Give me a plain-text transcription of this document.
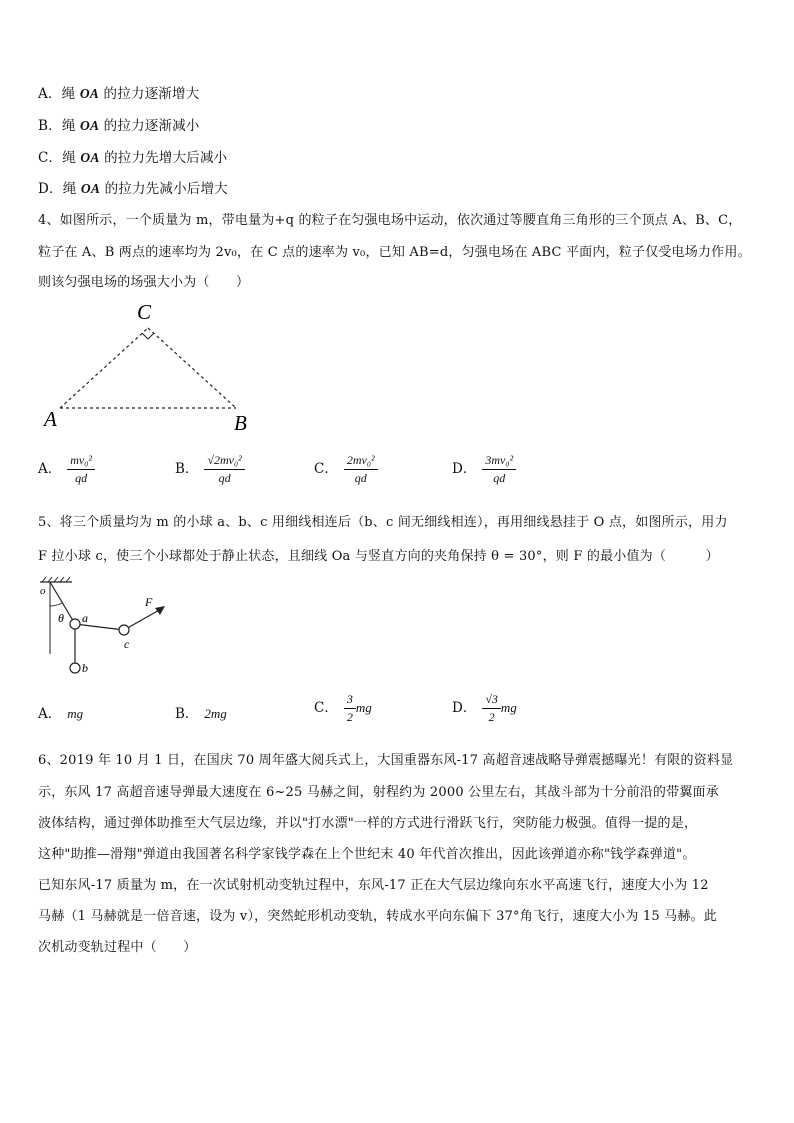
A．绳 OA 的拉力逐渐增大
B．绳 OA 的拉力逐渐减小
C．绳 OA 的拉力先增大后减小
D．绳 OA 的拉力先减小后增大
4、如图所示，一个质量为 m，带电量为+q 的粒子在匀强电场中运动，依次通过等腰直角三角形的三个顶点 A、B、C，
粒子在 A、B 两点的速率均为 2v₀，在 C 点的速率为 v₀，已知 AB=d，匀强电场在 ABC 平面内，粒子仅受电场力作用。
则该匀强电场的场强大小为（　　）
C
A	B
A． $\frac{\text{mv₀²}}{qd}$	B． $\frac{\text{√2mv₀²}}{qd}$	C． $\frac{\text{2mv₀²}}{qd}$	D． $\frac{\text{3mv₀²}}{qd}$
5、将三个质量均为 m 的小球 a、b、c 用细线相连后（b、c 间无细线相连），再用细线悬挂于 O 点，如图所示，用力
F 拉小球 c，使三个小球都处于静止状态，且细线 Oa 与竖直方向的夹角保持 θ = 30°，则 F 的最小值为（　　　）
o
θ a
b
c
F
A． mg	B． 2mg	C． $\frac{3}{2}$ mg	D． $\frac{√3}{2}$ mg
6、2019 年 10 月 1 日，在国庆 70 周年盛大阅兵式上，大国重器东风-17 高超音速战略导弹震撼曝光！有限的资料显
示，东风 17 高超音速导弹最大速度在 6~25 马赫之间，射程约为 2000 公里左右，其战斗部为十分前沿的带翼面承
波体结构，通过弹体助推至大气层边缘，并以"打水漂"一样的方式进行滑跃飞行，突防能力极强。值得一提的是，
这种"助推—滑翔"弹道由我国著名科学家钱学森在上个世纪末 40 年代首次推出，因此该弹道亦称"钱学森弹道"。
已知东风-17 质量为 m，在一次试射机动变轨过程中，东风-17 正在大气层边缘向东水平高速飞行，速度大小为 12
马赫（1 马赫就是一倍音速，设为 v），突然蛇形机动变轨，转成水平向东偏下 37°角飞行，速度大小为 15 马赫。此
次机动变轨过程中（　　）
